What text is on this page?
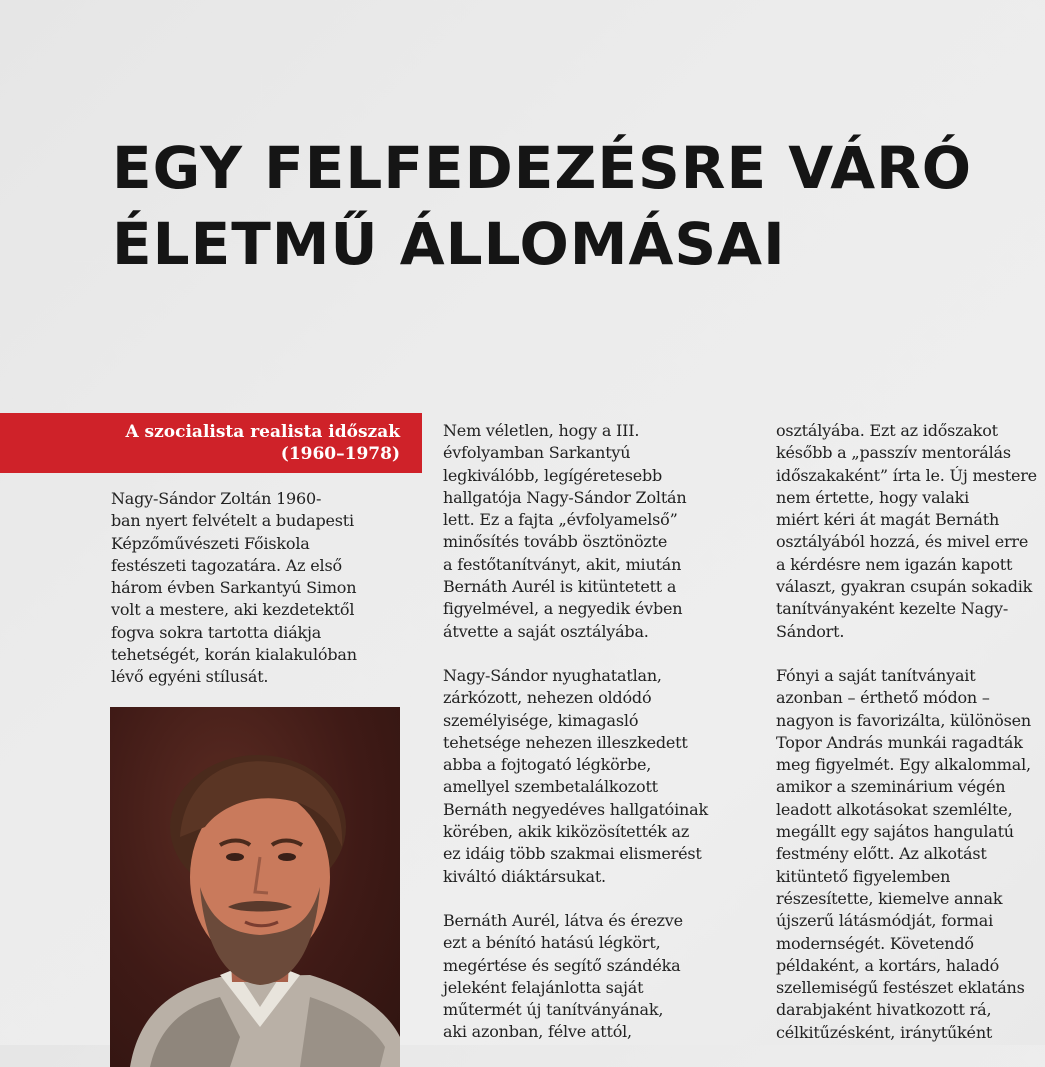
EGY FELFEDEZÉSRE VÁRÓ
ÉLETMŰ ÁLLOMÁSAI
A szocialista realista időszak
(1960–1978)

Nagy-Sándor Zoltán 1960-
ban nyert felvételt a budapesti
Képzőművészeti Főiskola
festészeti tagozatára. Az első
három évben Sarkantyú Simon
volt a mestere, aki kezdetektől
fogva sokra tartotta diákja
tehetségét, korán kialakulóban
lévő egyéni stílusát.

Nem véletlen, hogy a III.
évfolyamban Sarkantyú
legkiválóbb, legígéretesebb
hallgatója Nagy-Sándor Zoltán
lett. Ez a fajta „évfolyamelső”
minősítés tovább ösztönözte
a festőtanítványt, akit, miután
Bernáth Aurél is kitüntetett a
figyelmével, a negyedik évben
átvette a saját osztályába.

Nagy-Sándor nyughatatlan,
zárkózott, nehezen oldódó
személyisége, kimagasló
tehetsége nehezen illeszkedett
abba a fojtogató légkörbe,
amellyel szembetalálkozott
Bernáth negyedéves hallgatóinak
körében, akik kiközösítették az
ez idáig több szakmai elismerést
kiváltó diáktársukat.

Bernáth Aurél, látva és érezve
ezt a bénító hatású légkört,
megértése és segítő szándéka
jeleként felajánlotta saját
műtermét új tanítványának,
aki azonban, félve attól,

osztályába. Ezt az időszakot
később a „passzív mentorálás
időszakaként” írta le. Új mestere
nem értette, hogy valaki
miért kéri át magát Bernáth
osztályából hozzá, és mivel erre
a kérdésre nem igazán kapott
választ, gyakran csupán sokadik
tanítványaként kezelte Nagy-
Sándort.

Fónyi a saját tanítványait
azonban – érthető módon –
nagyon is favorizálta, különösen
Topor András munkái ragadták
meg figyelmét. Egy alkalommal,
amikor a szeminárium végén
leadott alkotásokat szemlélte,
megállt egy sajátos hangulatú
festmény előtt. Az alkotást
kitüntető figyelemben
részesítette, kiemelve annak
újszerű látásmódját, formai
modernségét. Követendő
példaként, a kortárs, haladó
szellemiségű festészet eklatáns
darabjaként hivatkozott rá,
célkitűzésként, iránytűként
